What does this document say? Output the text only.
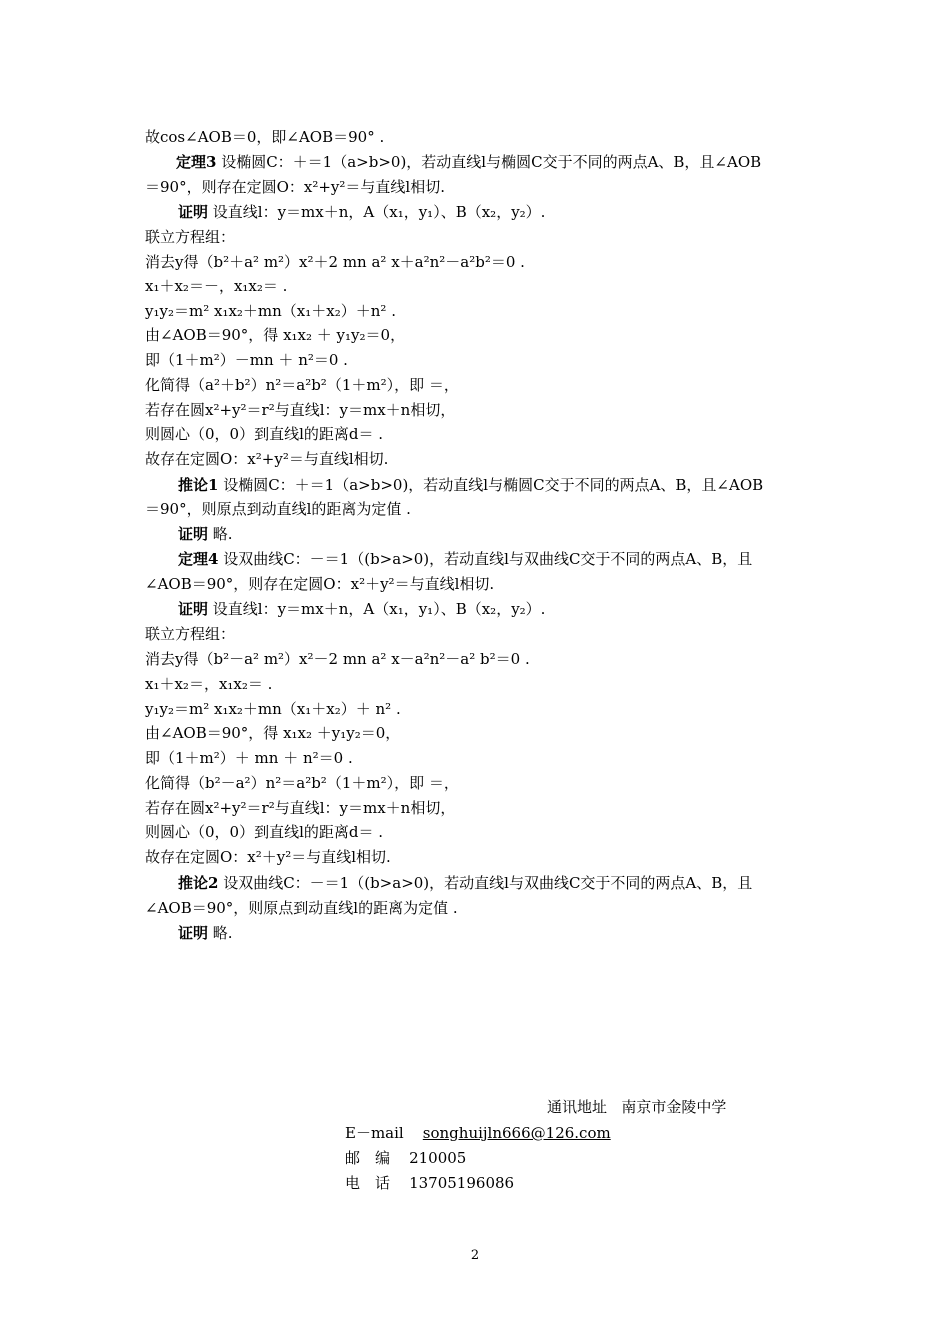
故cos∠AOB＝0，即∠AOB＝90° .
定理3 设椭圆C：＋＝1（a>b>0)，若动直线l与椭圆C交于不同的两点A、B，且∠AOB
＝90°，则存在定圆O：x²+y²＝与直线l相切.
证明 设直线l：y＝mx＋n，A（x₁，y₁）、B（x₂，y₂）.
联立方程组：
消去y得（b²＋a² m²）x²＋2 mn a² x＋a²n²－a²b²＝0 .
x₁＋x₂＝－，x₁x₂＝ .
y₁y₂＝m² x₁x₂＋mn（x₁＋x₂）＋n² .
由∠AOB＝90°，得 x₁x₂ ＋ y₁y₂＝0，
即（1＋m²）－mn ＋ n²＝0 .
化简得（a²＋b²）n²＝a²b²（1＋m²），即 ＝，
若存在圆x²+y²＝r²与直线l：y＝mx＋n相切，
则圆心（0，0）到直线l的距离d＝ .
故存在定圆O：x²+y²＝与直线l相切.
推论1 设椭圆C：＋＝1（a>b>0)，若动直线l与椭圆C交于不同的两点A、B，且∠AOB
＝90°，则原点到动直线l的距离为定值 .
证明 略.
定理4 设双曲线C：－＝1（(b>a>0)，若动直线l与双曲线C交于不同的两点A、B，且
∠AOB＝90°，则存在定圆O：x²＋y²＝与直线l相切.
证明 设直线l：y＝mx＋n，A（x₁，y₁）、B（x₂，y₂）.
联立方程组：
消去y得（b²－a² m²）x²－2 mn a² x－a²n²－a² b²＝0 .
x₁＋x₂＝，x₁x₂＝ .
y₁y₂＝m² x₁x₂＋mn（x₁＋x₂）＋ n² .
由∠AOB＝90°，得 x₁x₂ ＋y₁y₂＝0，
即（1＋m²）＋ mn ＋ n²＝0 .
化简得（b²－a²）n²＝a²b²（1＋m²），即 ＝，
若存在圆x²+y²＝r²与直线l：y＝mx＋n相切，
则圆心（0，0）到直线l的距离d＝ .
故存在定圆O：x²＋y²＝与直线l相切.
推论2 设双曲线C：－＝1（(b>a>0)，若动直线l与双曲线C交于不同的两点A、B，且
∠AOB＝90°，则原点到动直线l的距离为定值 .
证明 略.
通讯地址 南京市金陵中学
E－mail songhuijln666@126.com
邮　编 210005
电　话 13705196086
2
